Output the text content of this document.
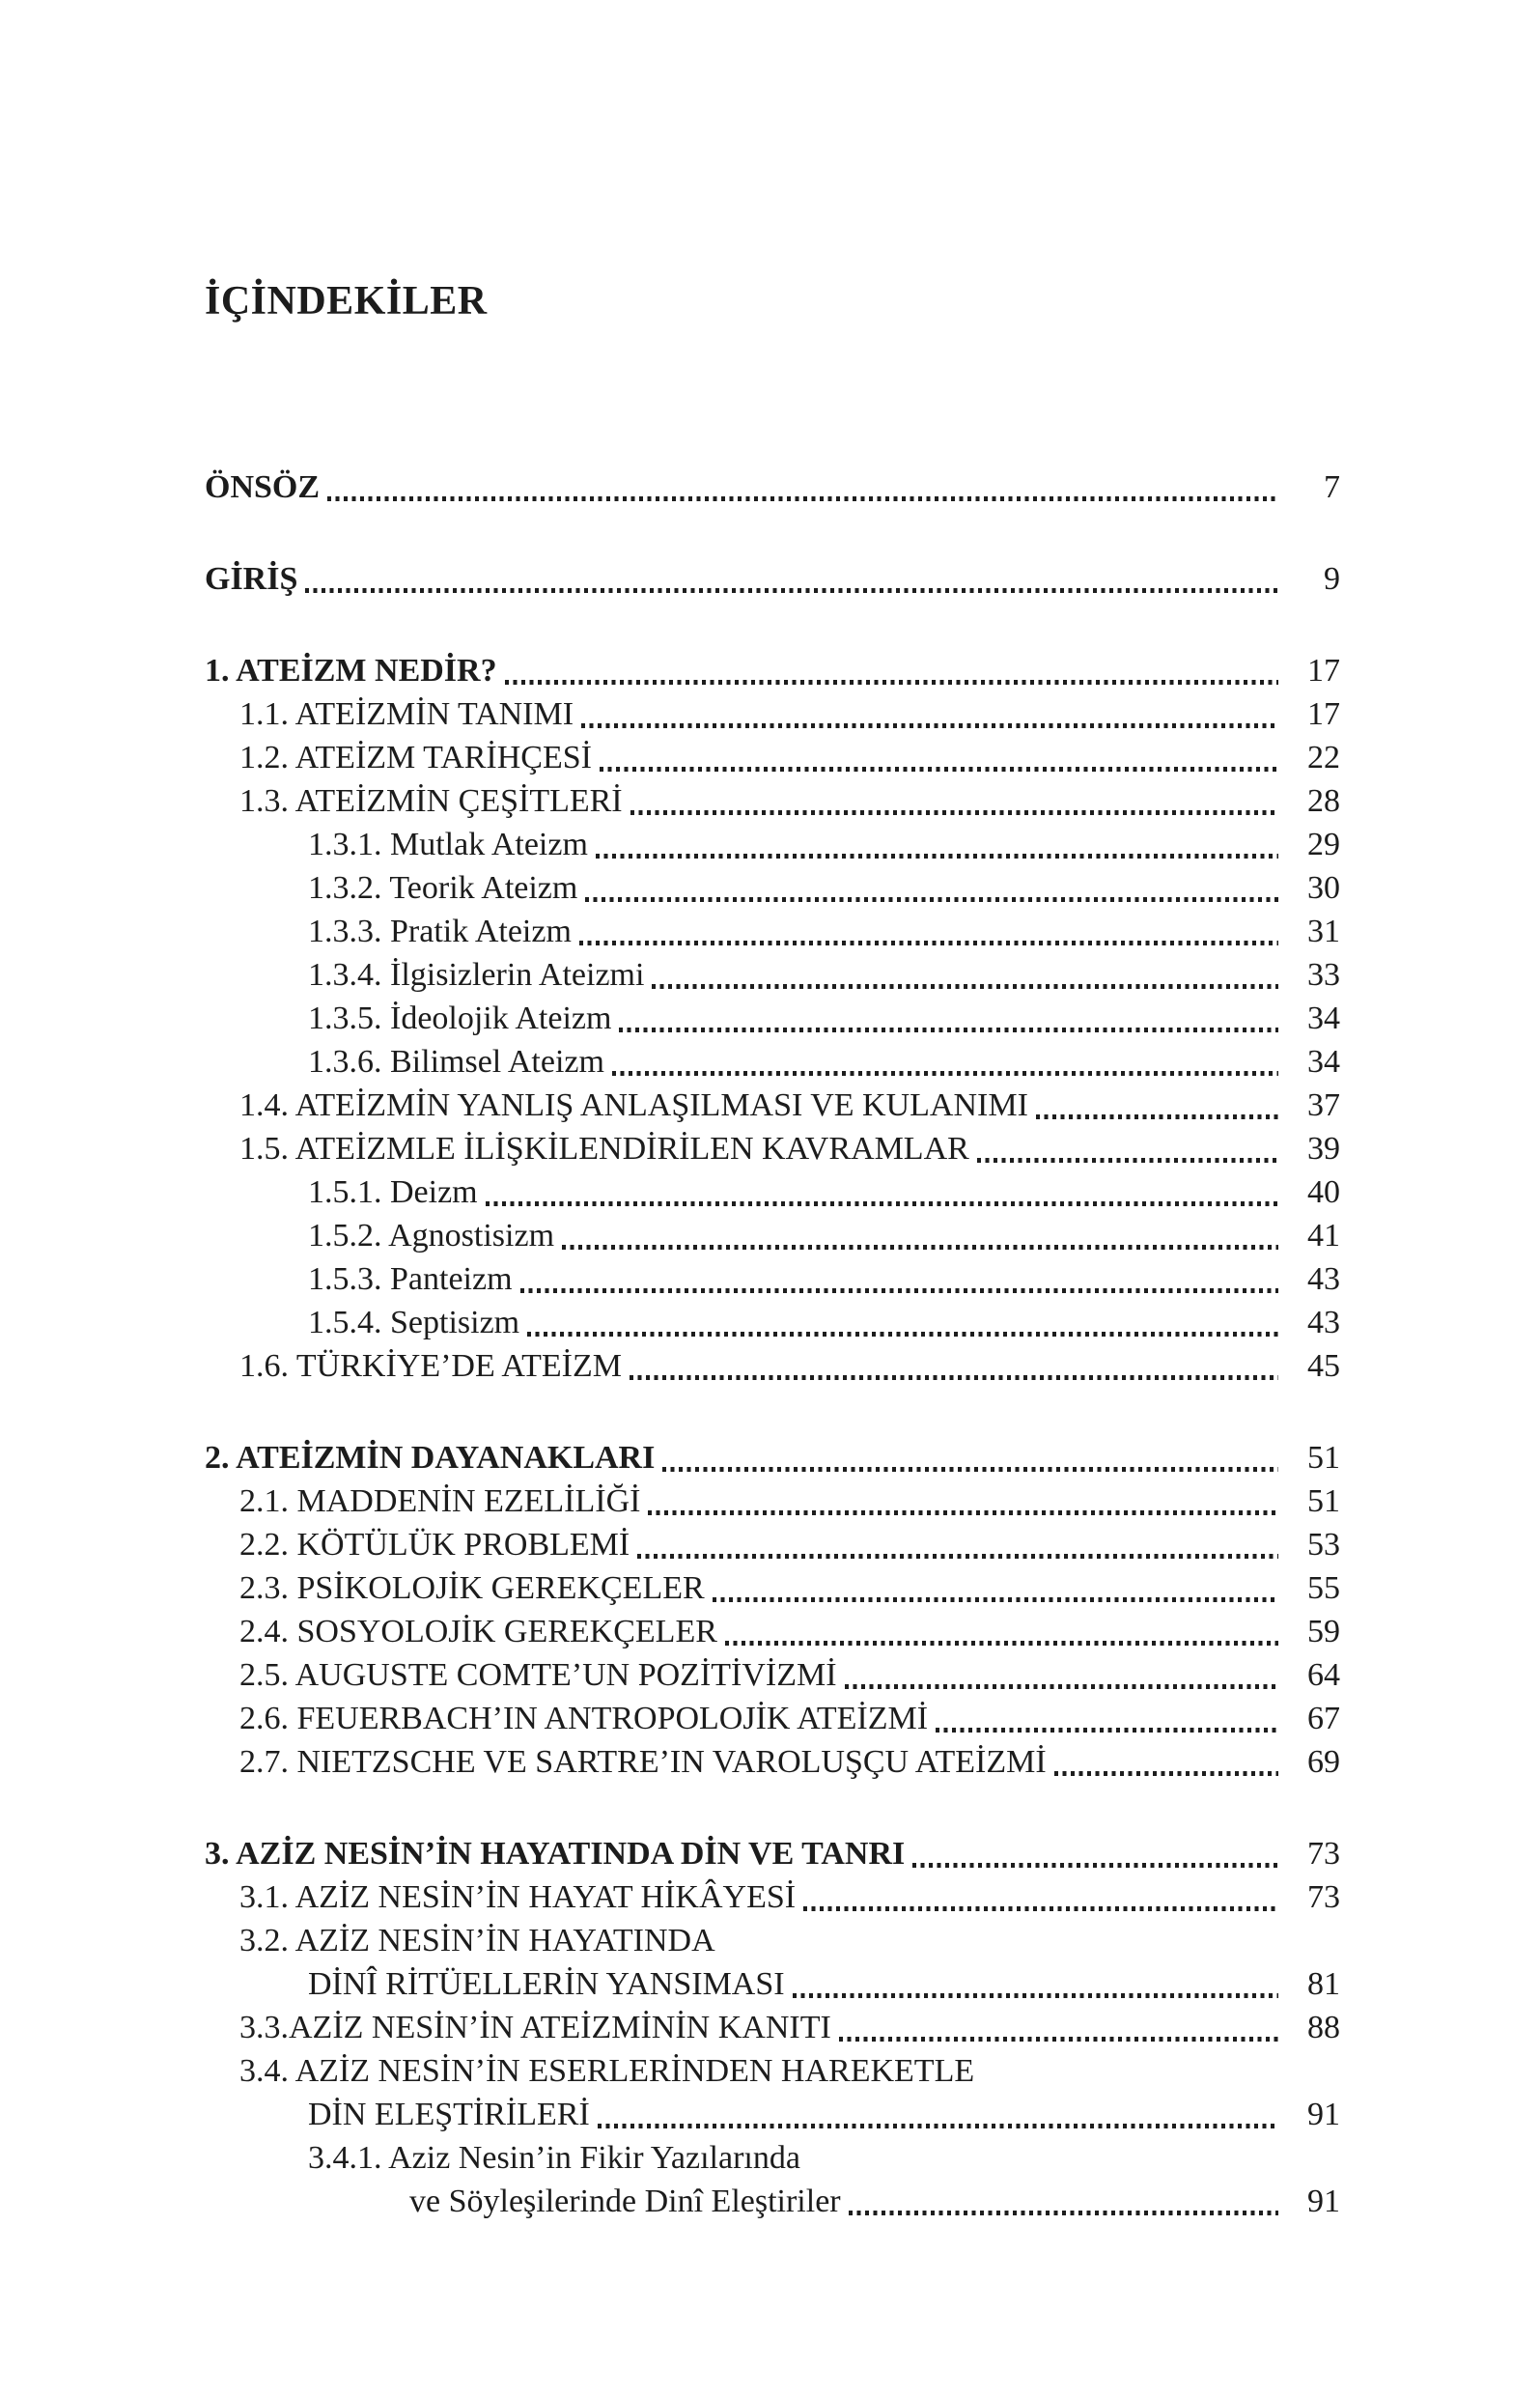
İÇİNDEKİLER
ÖNSÖZ	7
GİRİŞ	9
1. ATEİZM NEDİR?	17
1.1. ATEİZMİN TANIMI	17
1.2. ATEİZM TARİHÇESİ	22
1.3. ATEİZMİN ÇEŞİTLERİ	28
1.3.1. Mutlak Ateizm	29
1.3.2. Teorik Ateizm	30
1.3.3. Pratik Ateizm	31
1.3.4. İlgisizlerin Ateizmi	33
1.3.5. İdeolojik Ateizm	34
1.3.6. Bilimsel Ateizm	34
1.4. ATEİZMİN YANLIŞ ANLAŞILMASI VE KULANIMI	37
1.5. ATEİZMLE İLİŞKİLENDİRİLEN KAVRAMLAR	39
1.5.1. Deizm	40
1.5.2. Agnostisizm	41
1.5.3. Panteizm	43
1.5.4. Septisizm	43
1.6. TÜRKİYE’DE ATEİZM	45
2. ATEİZMİN DAYANAKLARI	51
2.1. MADDENİN EZELİLİĞİ	51
2.2. KÖTÜLÜK PROBLEMİ	53
2.3. PSİKOLOJİK GEREKÇELER	55
2.4. SOSYOLOJİK GEREKÇELER	59
2.5. AUGUSTE COMTE’UN POZİTİVİZMİ	64
2.6. FEUERBACH’IN ANTROPOLOJİK ATEİZMİ	67
2.7. NIETZSCHE VE SARTRE’IN VAROLUŞÇU ATEİZMİ	69
3. AZİZ NESİN’İN HAYATINDA DİN VE TANRI	73
3.1. AZİZ NESİN’İN HAYAT HİKÂYESİ	73
3.2. AZİZ NESİN’İN HAYATINDA
DİNÎ RİTÜELLERİN YANSIMASI	81
3.3.AZİZ NESİN’İN ATEİZMİNİN KANITI	88
3.4. AZİZ NESİN’İN ESERLERİNDEN HAREKETLE
DİN ELEŞTİRİLERİ	91
3.4.1. Aziz Nesin’in Fikir Yazılarında
ve Söyleşilerinde Dinî Eleştiriler	91
